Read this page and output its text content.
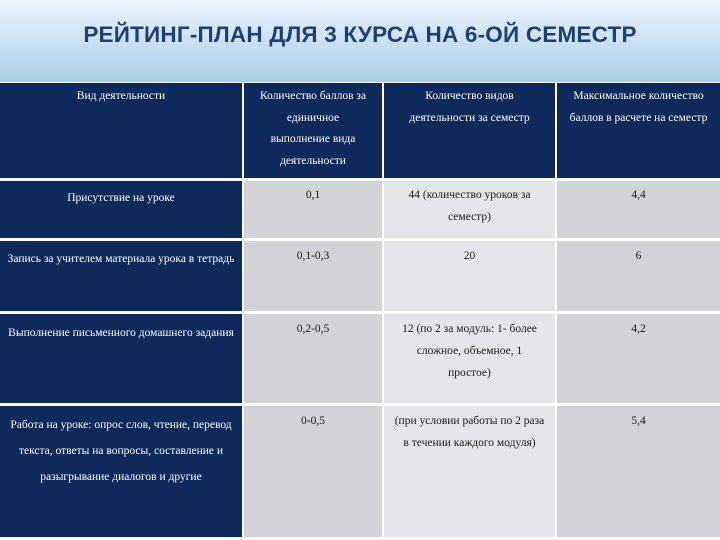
РЕЙТИНГ-ПЛАН ДЛЯ 3 КУРСА НА 6-ОЙ СЕМЕСТР
Вид деятельности	Количество баллов за единичное выполнение вида деятельности	Количество видов деятельности за семестр	Максимальное количество баллов в расчете на семестр

Присутствие на уроке	0,1	44 (количество уроков за семестр)	4,4

Запись за учителем материала урока в тетрадь	0,1-0,3	20	6

Выполнение письменного домашнего задания	0,2-0,5	12 (по 2 за модуль: 1- более сложное, объемное, 1 простое)	4,2

Работа на уроке: опрос слов, чтение, перевод текста, ответы на вопросы, составление и разыгрывание диалогов и другие	0-0,5	(при условии работы по 2 раза в течении каждого модуля)	5,4
